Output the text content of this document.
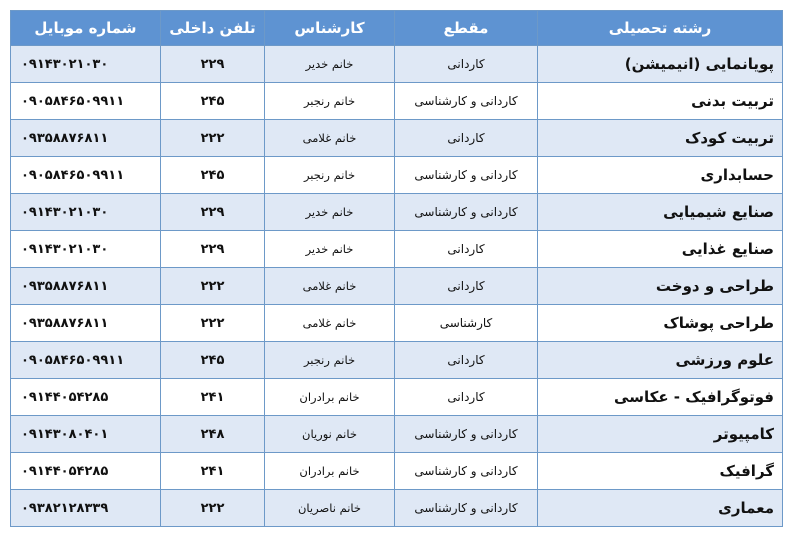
رشته تحصیلی	مقطع	کارشناس	تلفن داخلی	شماره موبایل
پویانمایی (انیمیشن)	کاردانی	خانم خدیر	۲۲۹	۰۹۱۴۳۰۲۱۰۳۰
تربیت بدنی	کاردانی و کارشناسی	خانم رنجبر	۲۴۵	۰۹۰۵۸۴۶۵۰۹۹۱۱
تربیت کودک	کاردانی	خانم غلامی	۲۲۲	۰۹۳۵۸۸۷۶۸۱۱
حسابداری	کاردانی و کارشناسی	خانم رنجبر	۲۴۵	۰۹۰۵۸۴۶۵۰۹۹۱۱
صنایع شیمیایی	کاردانی و کارشناسی	خانم خدیر	۲۲۹	۰۹۱۴۳۰۲۱۰۳۰
صنایع غذایی	کاردانی	خانم خدیر	۲۲۹	۰۹۱۴۳۰۲۱۰۳۰
طراحی و دوخت	کاردانی	خانم غلامی	۲۲۲	۰۹۳۵۸۸۷۶۸۱۱
طراحی پوشاک	کارشناسی	خانم غلامی	۲۲۲	۰۹۳۵۸۸۷۶۸۱۱
علوم ورزشی	کاردانی	خانم رنجبر	۲۴۵	۰۹۰۵۸۴۶۵۰۹۹۱۱
فوتوگرافیک - عکاسی	کاردانی	خانم برادران	۲۴۱	۰۹۱۴۴۰۵۴۲۸۵
کامپیوتر	کاردانی و کارشناسی	خانم نوریان	۲۴۸	۰۹۱۴۳۰۸۰۴۰۱
گرافیک	کاردانی و کارشناسی	خانم برادران	۲۴۱	۰۹۱۴۴۰۵۴۲۸۵
معماری	کاردانی و کارشناسی	خانم ناصریان	۲۲۲	۰۹۳۸۲۱۲۸۳۳۹
